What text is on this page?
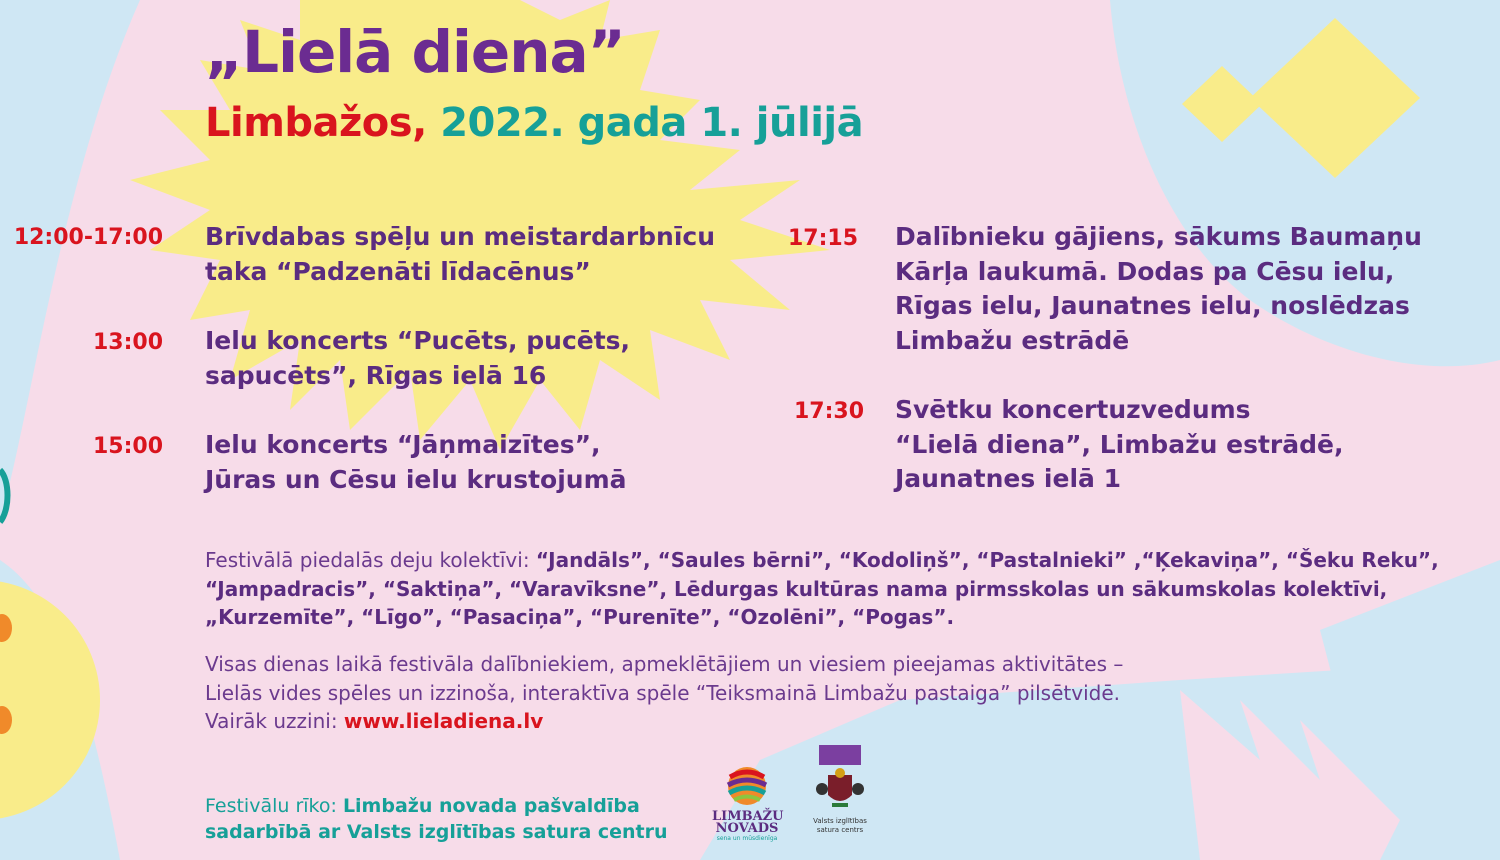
„Lielā diena”
Limbažos, 2022. gada 1. jūlijā
12:00-17:00 Brīvdabas spēļu un meistardarbnīcu
taka “Padzenāti līdacēnus”
13:00 Ielu koncerts “Pucēts, pucēts,
sapucēts”, Rīgas ielā 16
15:00 Ielu koncerts “Jāņmaizītes”,
Jūras un Cēsu ielu krustojumā
17:15 Dalībnieku gājiens, sākums Baumaņu
Kārļa laukumā. Dodas pa Cēsu ielu,
Rīgas ielu, Jaunatnes ielu, noslēdzas
Limbažu estrādē
17:30 Svētku koncertuzvedums
“Lielā diena”, Limbažu estrādē,
Jaunatnes ielā 1
Festivālā piedalās deju kolektīvi: “Jandāls”, “Saules bērni”, “Kodoliņš”, “Pastalnieki” ,“Ķekaviņa”, “Šeku Reku”,
“Jampadracis”, “Saktiņa”, “Varavīksne”, Lēdurgas kultūras nama pirmsskolas un sākumskolas kolektīvi,
„Kurzemīte”, “Līgo”, “Pasaciņa”, “Purenīte”, “Ozolēni”, “Pogas”.
Visas dienas laikā festivāla dalībniekiem, apmeklētājiem un viesiem pieejamas aktivitātes –
Lielās vides spēles un izzinoša, interaktīva spēle “Teiksmainā Limbažu pastaiga” pilsētvidē.
Vairāk uzzini: www.lieladiena.lv
Festivālu rīko: Limbažu novada pašvaldība
sadarbībā ar Valsts izglītības satura centru
LIMBAŽU
NOVADS
sena un mūsdienīga
Valsts izglītības
satura centrs
